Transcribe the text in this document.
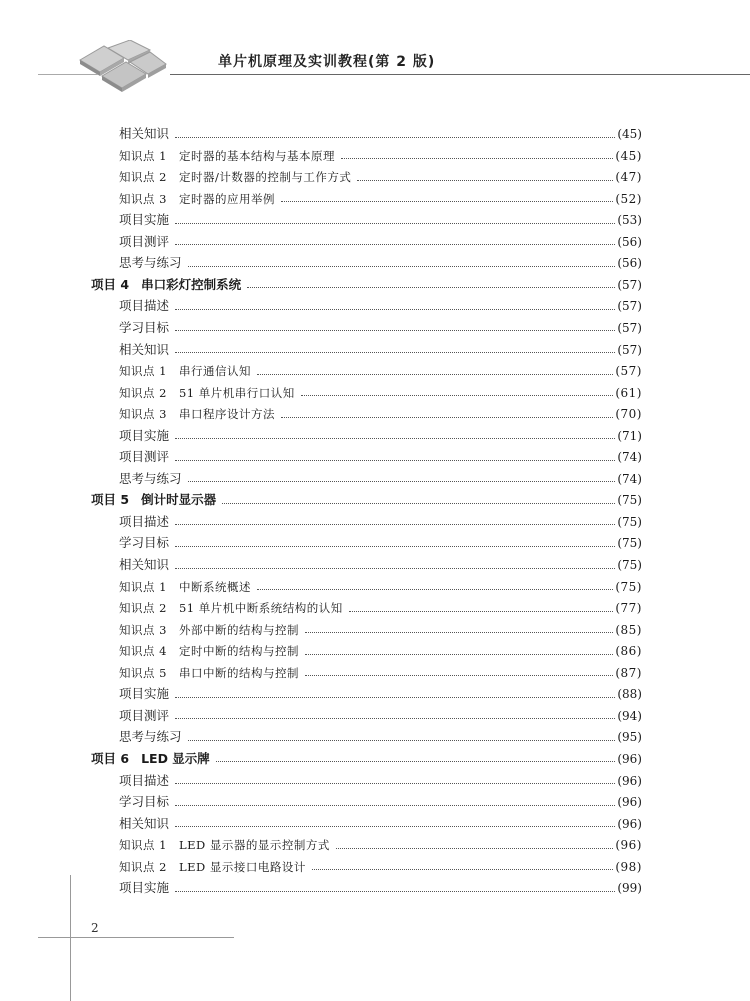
单片机原理及实训教程(第 2 版)
相关知识	(45)
知识点 1 定时器的基本结构与基本原理	(45)
知识点 2 定时器/计数器的控制与工作方式	(47)
知识点 3 定时器的应用举例	(52)
项目实施	(53)
项目测评	(56)
思考与练习	(56)
项目 4 串口彩灯控制系统	(57)
项目描述	(57)
学习目标	(57)
相关知识	(57)
知识点 1 串行通信认知	(57)
知识点 2 51 单片机串行口认知	(61)
知识点 3 串口程序设计方法	(70)
项目实施	(71)
项目测评	(74)
思考与练习	(74)
项目 5 倒计时显示器	(75)
项目描述	(75)
学习目标	(75)
相关知识	(75)
知识点 1 中断系统概述	(75)
知识点 2 51 单片机中断系统结构的认知	(77)
知识点 3 外部中断的结构与控制	(85)
知识点 4 定时中断的结构与控制	(86)
知识点 5 串口中断的结构与控制	(87)
项目实施	(88)
项目测评	(94)
思考与练习	(95)
项目 6 LED 显示牌	(96)
项目描述	(96)
学习目标	(96)
相关知识	(96)
知识点 1 LED 显示器的显示控制方式	(96)
知识点 2 LED 显示接口电路设计	(98)
项目实施	(99)
2
